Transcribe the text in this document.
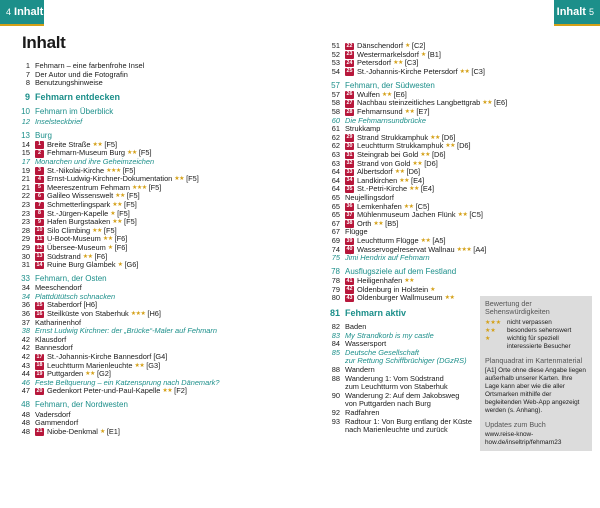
4 Inhalt
Inhalt
1 Fehmarn – eine farbenfrohe Insel
7 Der Autor und die Fotografin
8 Benutzungshinweise
9 Fehmarn entdecken
10 Fehmarn im Überblick
12 Inselsteckbrief
13 Burg
14	1 Breite Straße ★★ [F5]
15	2 Fehmarn-Museum Burg ★★ [F5]
17 Monarchen und ihre Geheimzeichen
19	3 St.-Nikolai-Kirche ★★★ [F5]
21	4 Ernst-Ludwig-Kirchner-Dokumentation ★★ [F5]
21	5 Meereszentrum Fehmarn ★★★ [F5]
22	6 Galileo Wissenswelt ★★ [F5]
23	7 Schmetterlingspark ★★ [F5]
23	8 St.-Jürgen-Kapelle ★ [F5]
23	9 Hafen Burgstaaken ★★ [F5]
28	10 Silo Climbing ★★ [F5]
29	11 U-Boot-Museum ★★ [F6]
29	12 Übersee-Museum ★ [F6]
30	13 Südstrand ★★ [F6]
31	14 Ruine Burg Glambek ★ [G6]
33 Fehmarn, der Osten
34 Meeschendorf
34 Plattdütütsch schnacken
36	15 Staberdorf [H6]
36	16 Steilküste von Staberhuk ★★★ [H6]
37 Katharinenhof
38 Ernst Ludwig Kirchner: der „Brücke“-Maler auf Fehmarn
42 Klausdorf
42 Bannesdorf
42	17 St.-Johannis-Kirche Bannesdorf [G4]
43	18 Leuchtturm Marienleuchte ★★ [G3]
44	19 Puttgarden ★★ [G2]
46 Feste Beltquerung – ein Katzensprung nach Dänemark?
47	20 Gedenkort Peter-und-Paul-Kapelle ★★ [F2]
48 Fehmarn, der Nordwesten
48 Vadersdorf
48 Gammendorf
48	21 Niobe-Denkmal ★ [E1]
Inhalt 5
51	22 Dänschendorf ★ [C2]
52	23 Westermarkelsdorf ★ [B1]
53	24 Petersdorf ★★ [C3]
54	25 St.-Johannis-Kirche Petersdorf ★★ [C3]
57 Fehmarn, der Südwesten
57	26 Wulfen ★★ [E6]
58	27 Nachbau steinzeitliches Langbettgrab ★★ [E6]
58	28 Fehmarnsund ★★ [E7]
60 Die Fehmarnsundbrücke
61 Strukkamp
62	29 Strand Strukkamphuk ★★ [D6]
62	30 Leuchtturm Strukkamphuk ★★ [D6]
63	31 Steingrab bei Gold ★★ [D6]
63	32 Strand von Gold ★★ [D6]
64	33 Albertsdorf ★★ [D6]
64	34 Landkirchen ★★ [E4]
64	35 St.-Petri-Kirche ★★ [E4]
65 Neujellingsdorf
65	36 Lemkenhafen ★★ [C5]
65	37 Mühlenmuseum Jachen Flünk ★★ [C5]
67	38 Orth ★★ [B5]
67 Flügge
69	39 Leuchtturm Flügge ★★ [A5]
74	40 Wasservogelreservat Wallnau ★★★ [A4]
75 Jimi Hendrix auf Fehmarn
78 Ausflugsziele auf dem Festland
78	41 Heiligenhafen ★★
79	42 Oldenburg in Holstein ★
80	43 Oldenburger Wallmuseum ★★
81 Fehmarn aktiv
82 Baden
83 My Strandkorb is my castle
84 Wassersport
85 Deutsche Gesellschaft
zur Rettung Schiffbrüchiger (DGzRS)
88 Wandern
88 Wanderung 1: Vom Südstrand
zum Leuchtturm von Staberhuk
90 Wanderung 2: Auf dem Jakobsweg
von Puttgarden nach Burg
92 Radfahren
93 Radtour 1: Von Burg entlang der Küste
nach Marienleuchte und zurück
Bewertung der Sehenswürdigkeiten
★★★ nicht verpassen
★★	besonders sehenswert
★	wichtig für speziell interessierte Besucher
Planquadrat im Kartenmaterial
[A1] Orte ohne diese Angabe liegen außerhalb unserer Karten. Ihre Lage kann aber wie die aller Ortsmarken mithilfe der begleitenden Web-App angezeigt werden (s. Anhang).
Updates zum Buch
www.reise-know-how.de/inseltrip/fehmarn23
